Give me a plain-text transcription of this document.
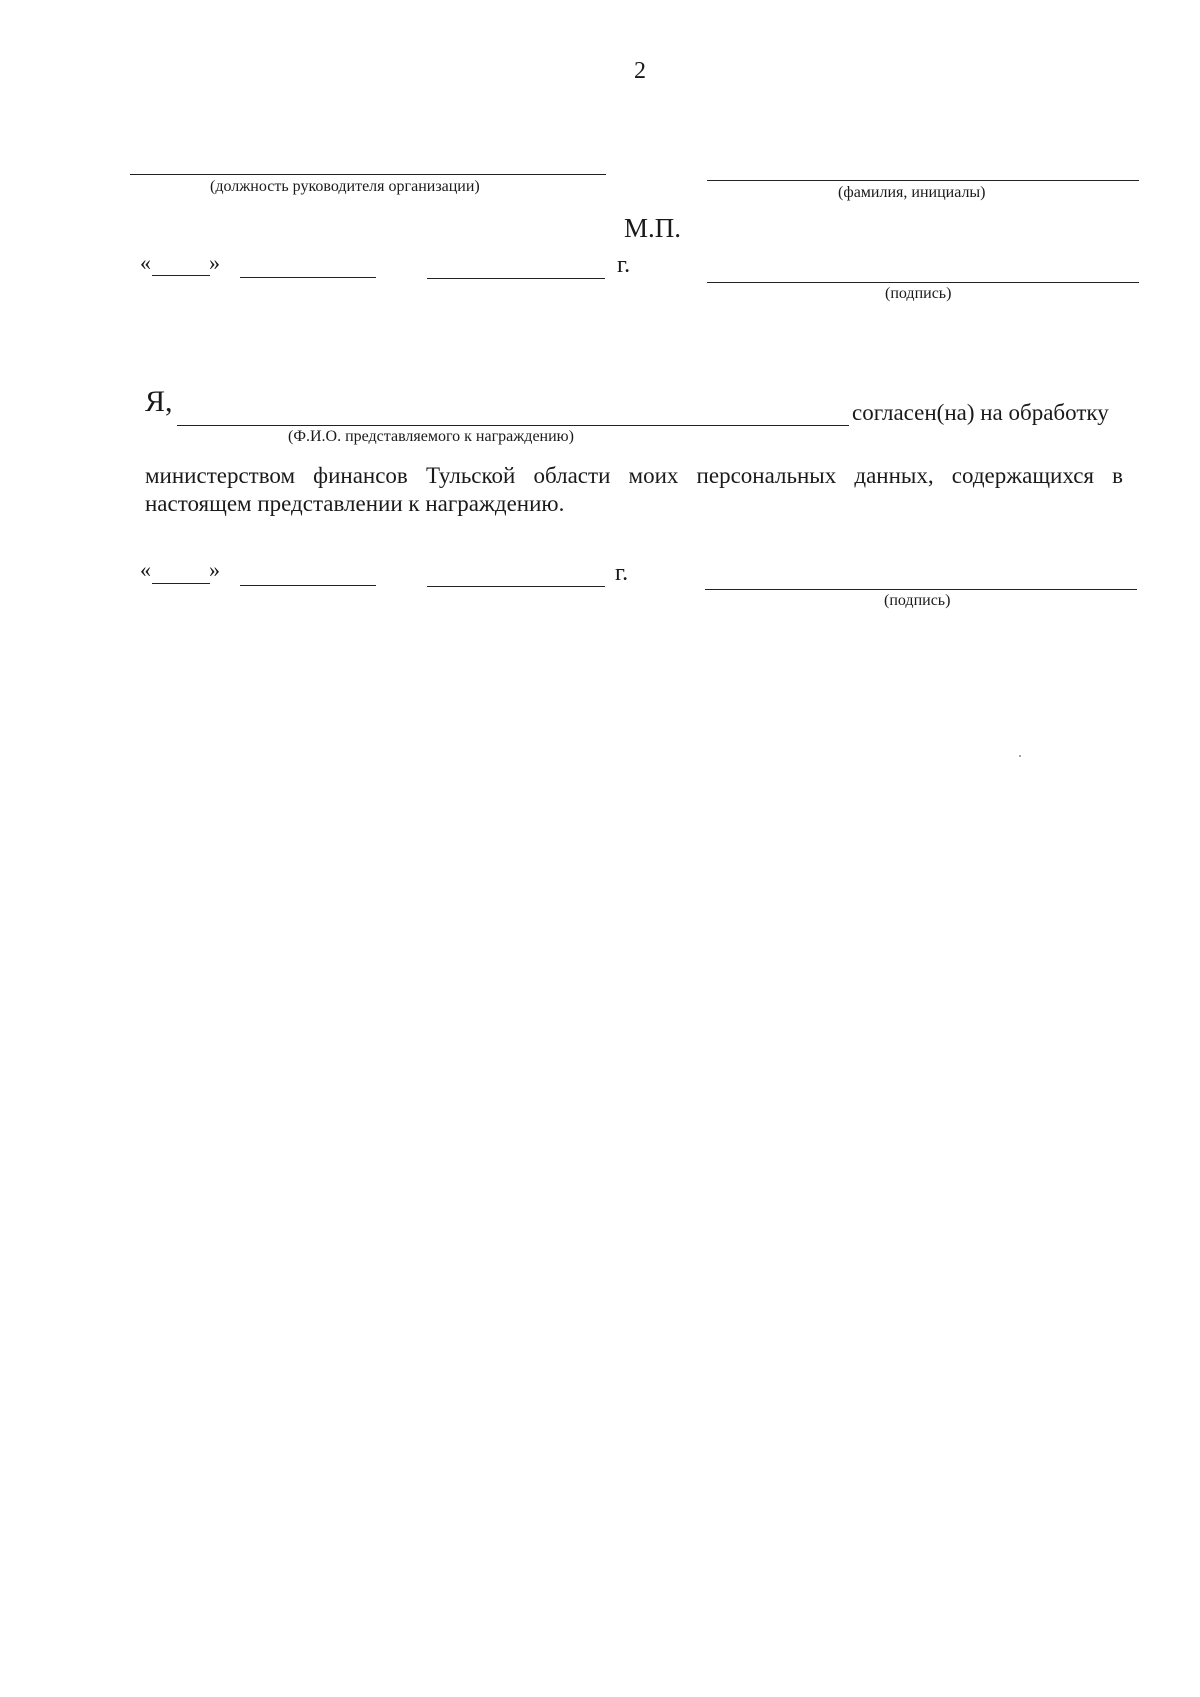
2
(должность руководителя организации)	(фамилия, инициалы)
М.П.
«	»	г.
(подпись)
Я,	согласен(на) на обработку
(Ф.И.О. представляемого к награждению)
министерством финансов Тульской области моих персональных данных, содержащихся в
настоящем представлении к награждению.
«	»	г.
(подпись)
